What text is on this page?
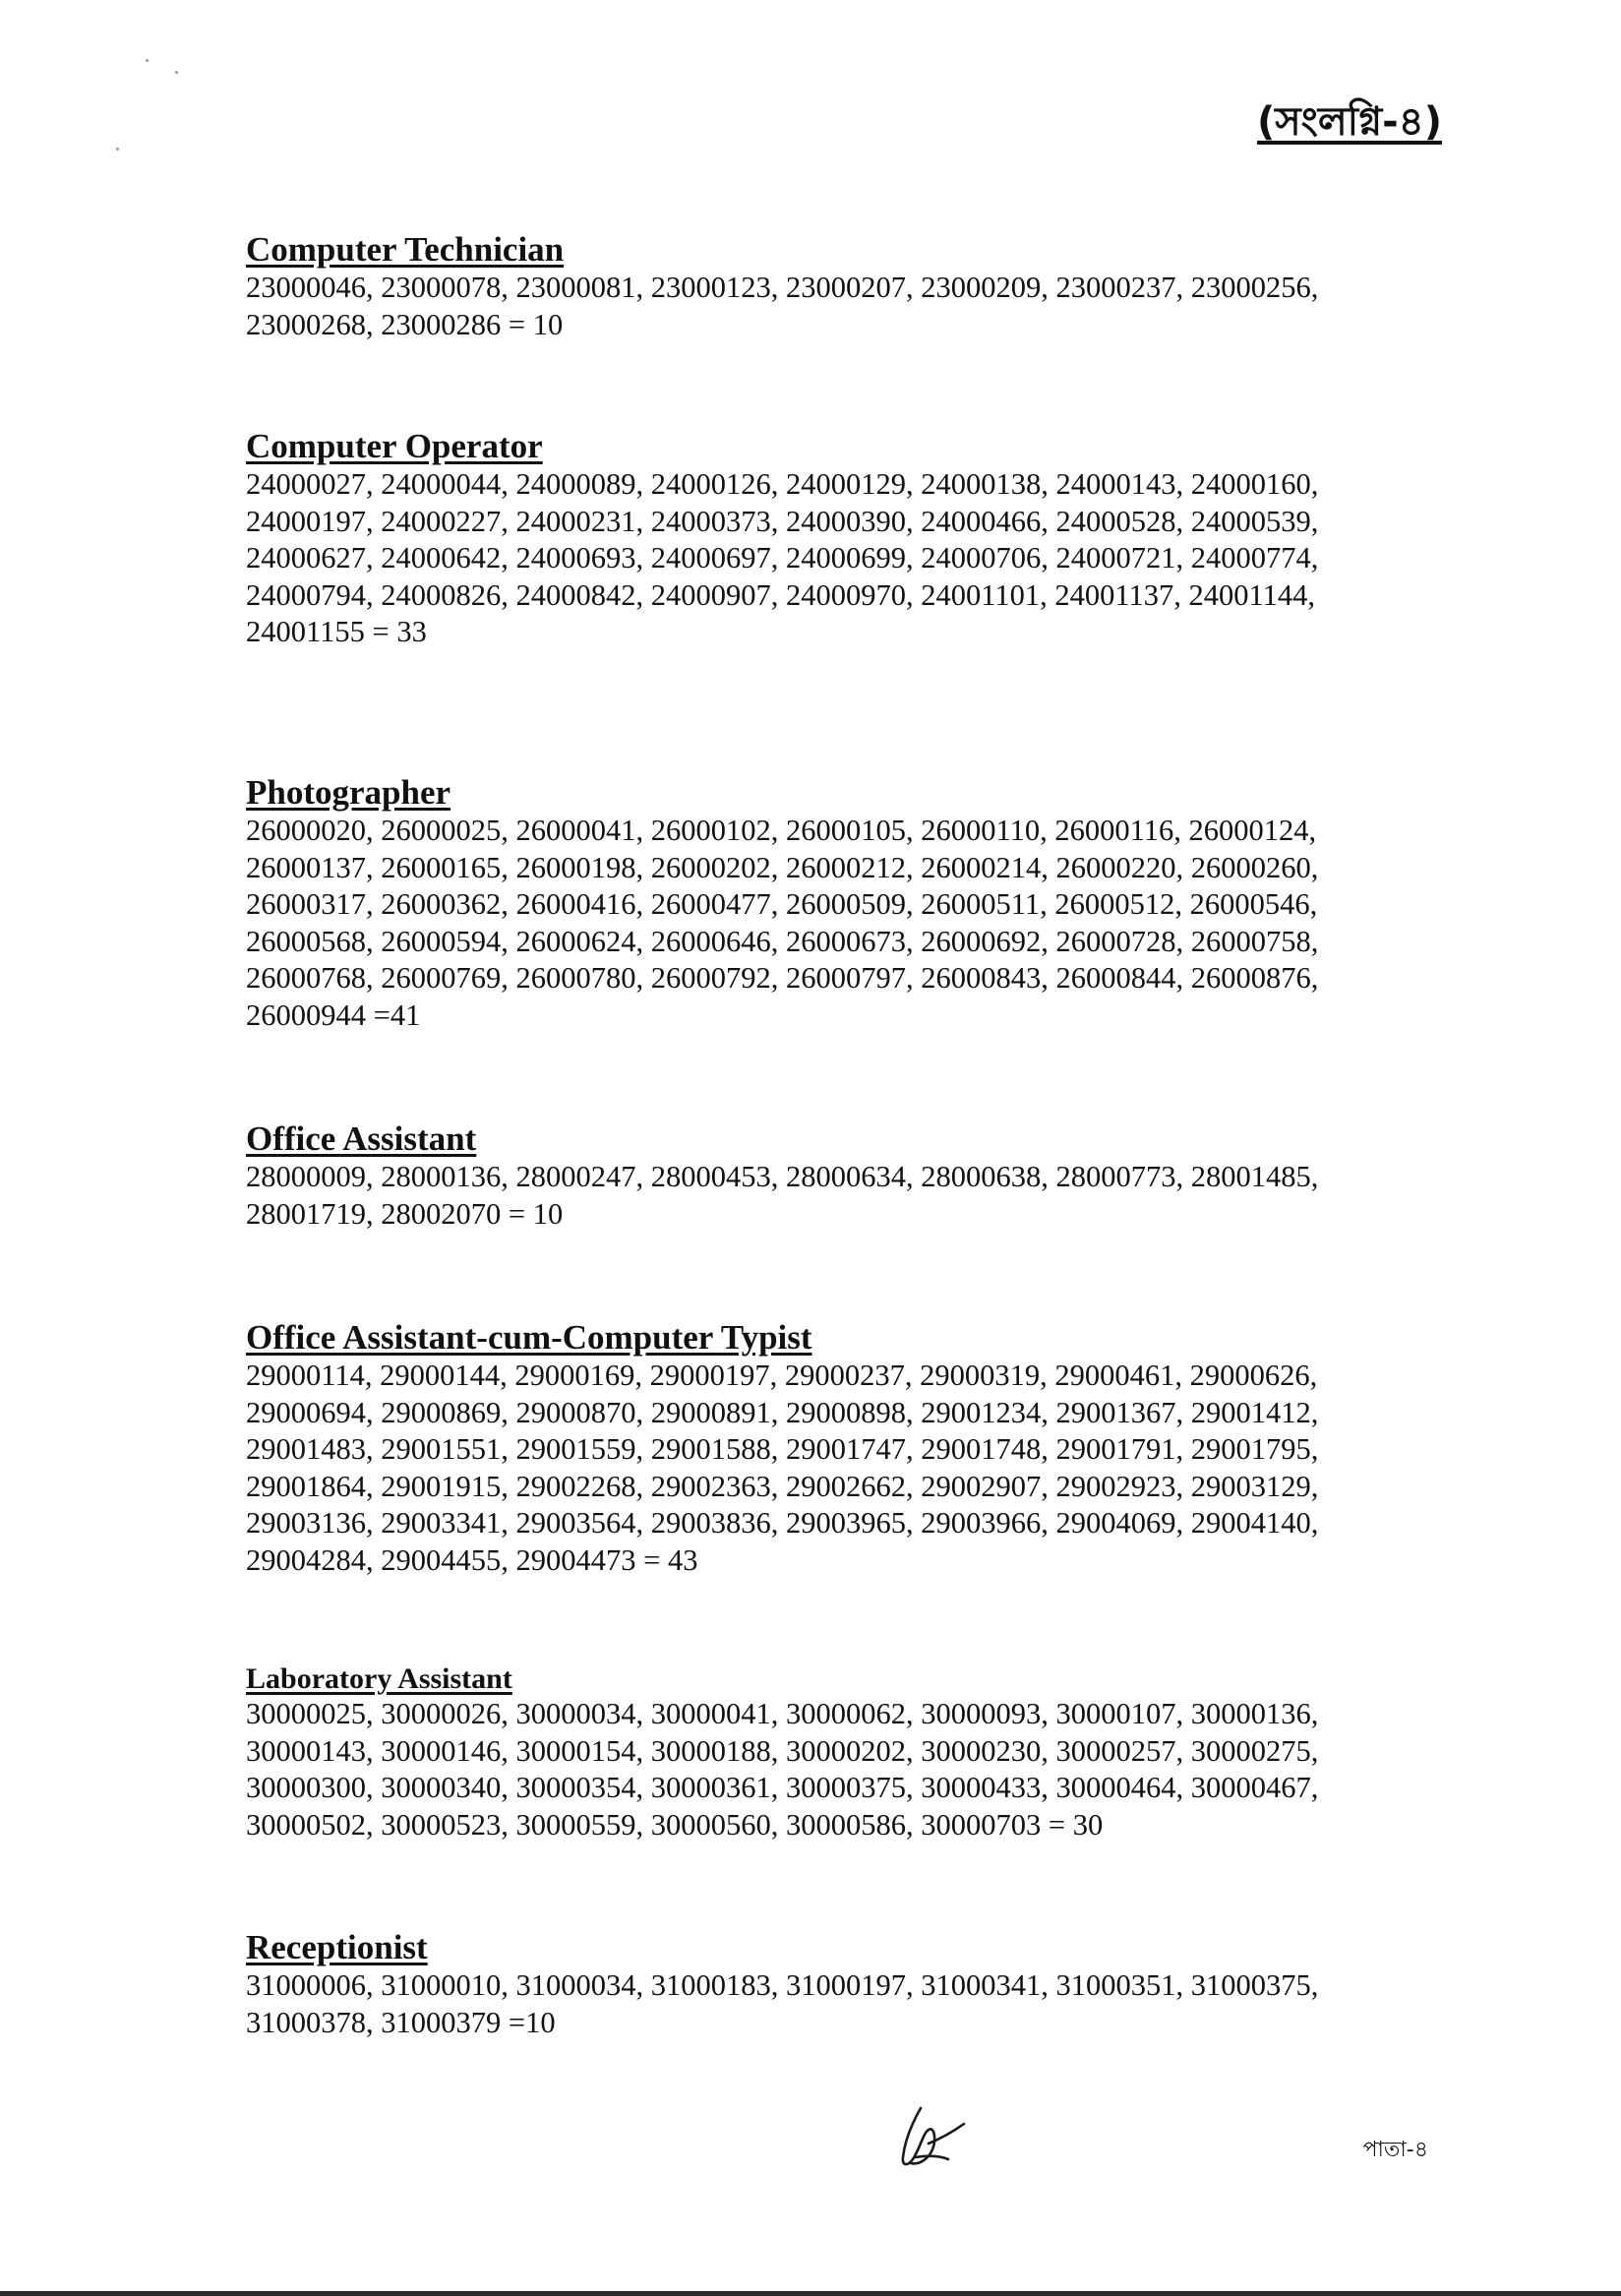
(সংলগ্নি-৪)

Computer Technician

23000046, 23000078, 23000081, 23000123, 23000207, 23000209, 23000237, 23000256,
23000268, 23000286 = 10

Computer Operator

24000027, 24000044, 24000089, 24000126, 24000129, 24000138, 24000143, 24000160,
24000197, 24000227, 24000231, 24000373, 24000390, 24000466, 24000528, 24000539,
24000627, 24000642, 24000693, 24000697, 24000699, 24000706, 24000721, 24000774,
24000794, 24000826, 24000842, 24000907, 24000970, 24001101, 24001137, 24001144,
24001155 = 33

Photographer

26000020, 26000025, 26000041, 26000102, 26000105, 26000110, 26000116, 26000124,
26000137, 26000165, 26000198, 26000202, 26000212, 26000214, 26000220, 26000260,
26000317, 26000362, 26000416, 26000477, 26000509, 26000511, 26000512, 26000546,
26000568, 26000594, 26000624, 26000646, 26000673, 26000692, 26000728, 26000758,
26000768, 26000769, 26000780, 26000792, 26000797, 26000843, 26000844, 26000876,
26000944 =41

Office Assistant

28000009, 28000136, 28000247, 28000453, 28000634, 28000638, 28000773, 28001485,
28001719, 28002070 = 10

Office Assistant-cum-Computer Typist

29000114, 29000144, 29000169, 29000197, 29000237, 29000319, 29000461, 29000626,
29000694, 29000869, 29000870, 29000891, 29000898, 29001234, 29001367, 29001412,
29001483, 29001551, 29001559, 29001588, 29001747, 29001748, 29001791, 29001795,
29001864, 29001915, 29002268, 29002363, 29002662, 29002907, 29002923, 29003129,
29003136, 29003341, 29003564, 29003836, 29003965, 29003966, 29004069, 29004140,
29004284, 29004455, 29004473 = 43

Laboratory Assistant

30000025, 30000026, 30000034, 30000041, 30000062, 30000093, 30000107, 30000136,
30000143, 30000146, 30000154, 30000188, 30000202, 30000230, 30000257, 30000275,
30000300, 30000340, 30000354, 30000361, 30000375, 30000433, 30000464, 30000467,
30000502, 30000523, 30000559, 30000560, 30000586, 30000703 = 30

Receptionist

31000006, 31000010, 31000034, 31000183, 31000197, 31000341, 31000351, 31000375,
31000378, 31000379 =10

পাতা-৪
